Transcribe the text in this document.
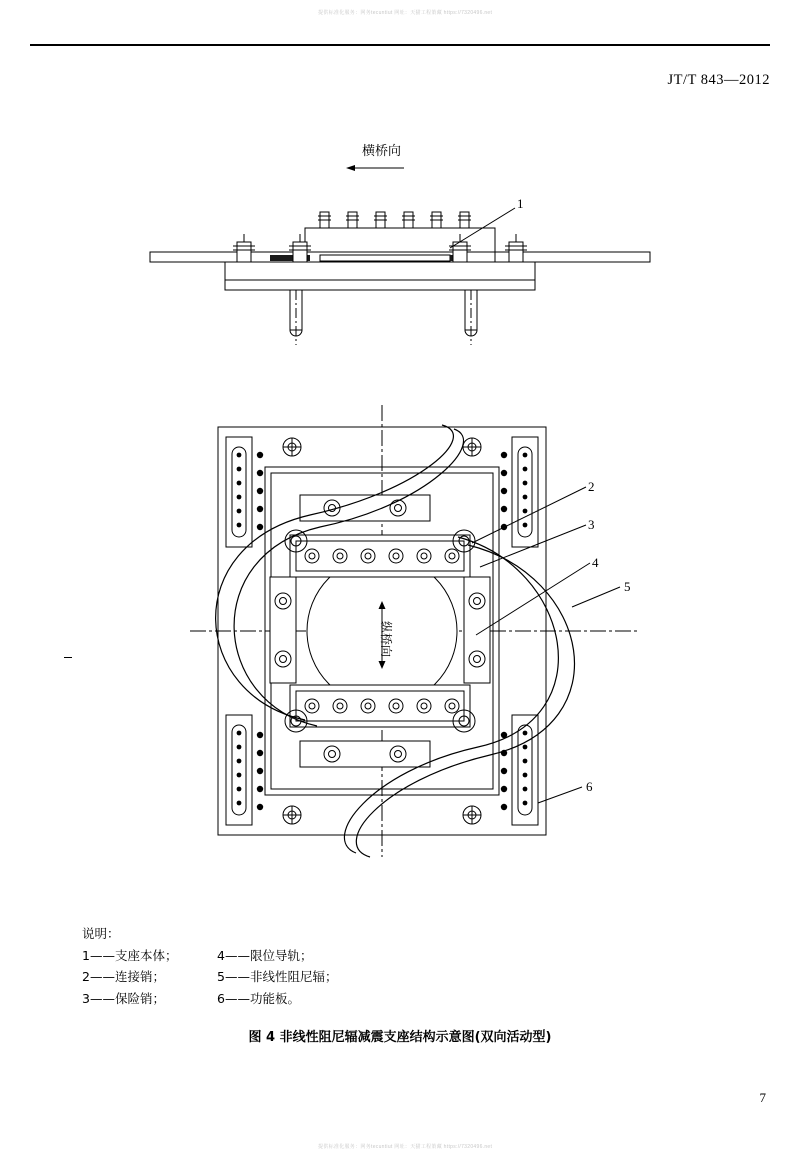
提供标准化服务：网务tecuntiut 网址：天猫工程策藏 https://7320496.net
JT/T 843—2012
横桥向
1
2
3
4
5
6
纵桥向
说明：
1——支座本体；	4——限位导轨；
2——连接销；	5——非线性阻尼辐；
3——保险销；	6——功能板。
图 4 非线性阻尼辐减震支座结构示意图(双向活动型)
7
提供标准化服务：网务tecuntiut 网址：天猫工程策藏 https://7320496.net
